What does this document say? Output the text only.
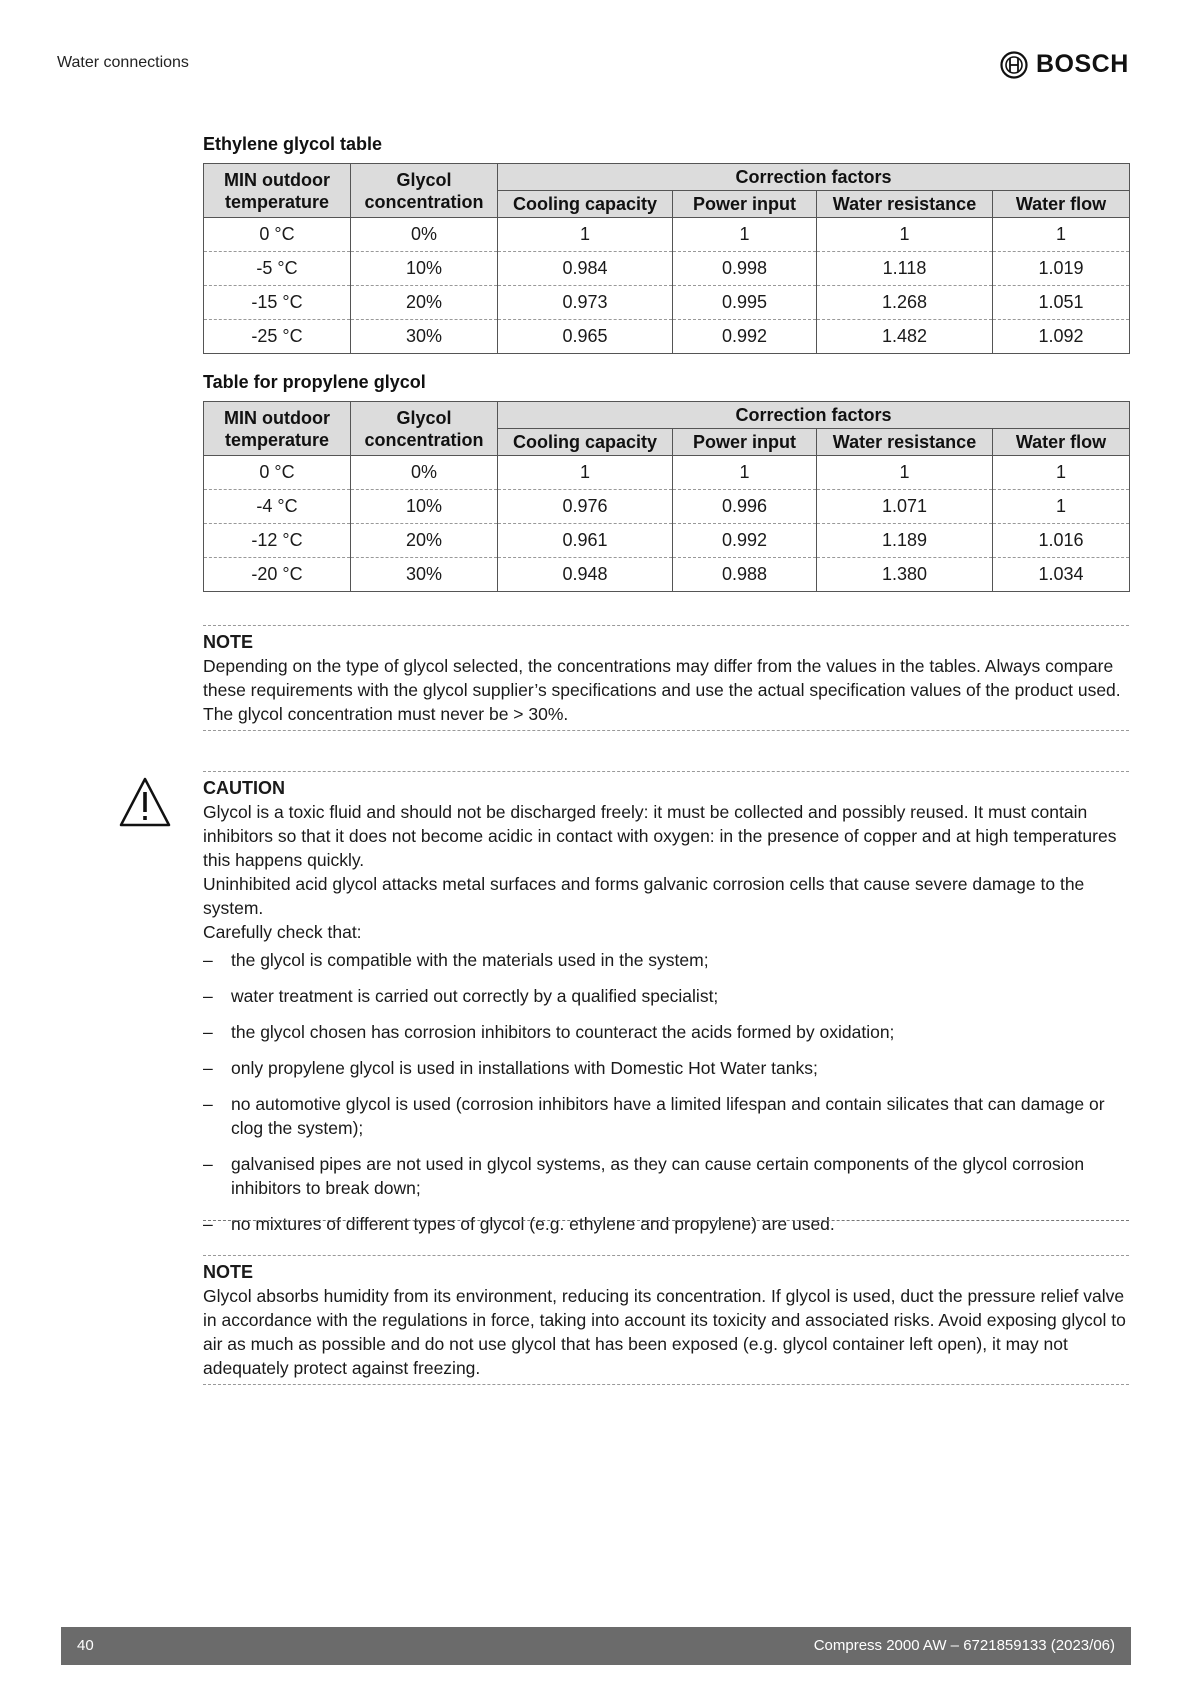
Water connections	BOSCH
Ethylene glycol table
MIN outdoor temperature	Glycol concentration	Correction factors			
		Cooling capacity	Power input	Water resistance	Water flow
0 °C	0%	1	1	1	1
-5 °C	10%	0.984	0.998	1.118	1.019
-15 °C	20%	0.973	0.995	1.268	1.051
-25 °C	30%	0.965	0.992	1.482	1.092
Table for propylene glycol
MIN outdoor temperature	Glycol concentration	Correction factors			
		Cooling capacity	Power input	Water resistance	Water flow
0 °C	0%	1	1	1	1
-4 °C	10%	0.976	0.996	1.071	1
-12 °C	20%	0.961	0.992	1.189	1.016
-20 °C	30%	0.948	0.988	1.380	1.034
NOTE

Depending on the type of glycol selected, the concentrations may differ from the values in the tables. Always compare these requirements with the glycol supplier’s specifications and use the actual specification values of the product used. The glycol concentration must never be > 30%.

CAUTION

Glycol is a toxic fluid and should not be discharged freely: it must be collected and possibly reused. It must contain inhibitors so that it does not become acidic in contact with oxygen: in the presence of copper and at high temperatures this happens quickly.

Uninhibited acid glycol attacks metal surfaces and forms galvanic corrosion cells that cause severe damage to the system.

Carefully check that:

– the glycol is compatible with the materials used in the system;
– water treatment is carried out correctly by a qualified specialist;
– the glycol chosen has corrosion inhibitors to counteract the acids formed by oxidation;
– only propylene glycol is used in installations with Domestic Hot Water tanks;
– no automotive glycol is used (corrosion inhibitors have a limited lifespan and contain silicates that can damage or clog the system);
– galvanised pipes are not used in glycol systems, as they can cause certain components of the glycol corrosion inhibitors to break down;
– no mixtures of different types of glycol (e.g. ethylene and propylene) are used.
NOTE

Glycol absorbs humidity from its environment, reducing its concentration. If glycol is used, duct the pressure relief valve in accordance with the regulations in force, taking into account its toxicity and associated risks. Avoid exposing glycol to air as much as possible and do not use glycol that has been exposed (e.g. glycol container left open), it may not adequately protect against freezing.

40	Compress 2000 AW – 6721859133 (2023/06)
